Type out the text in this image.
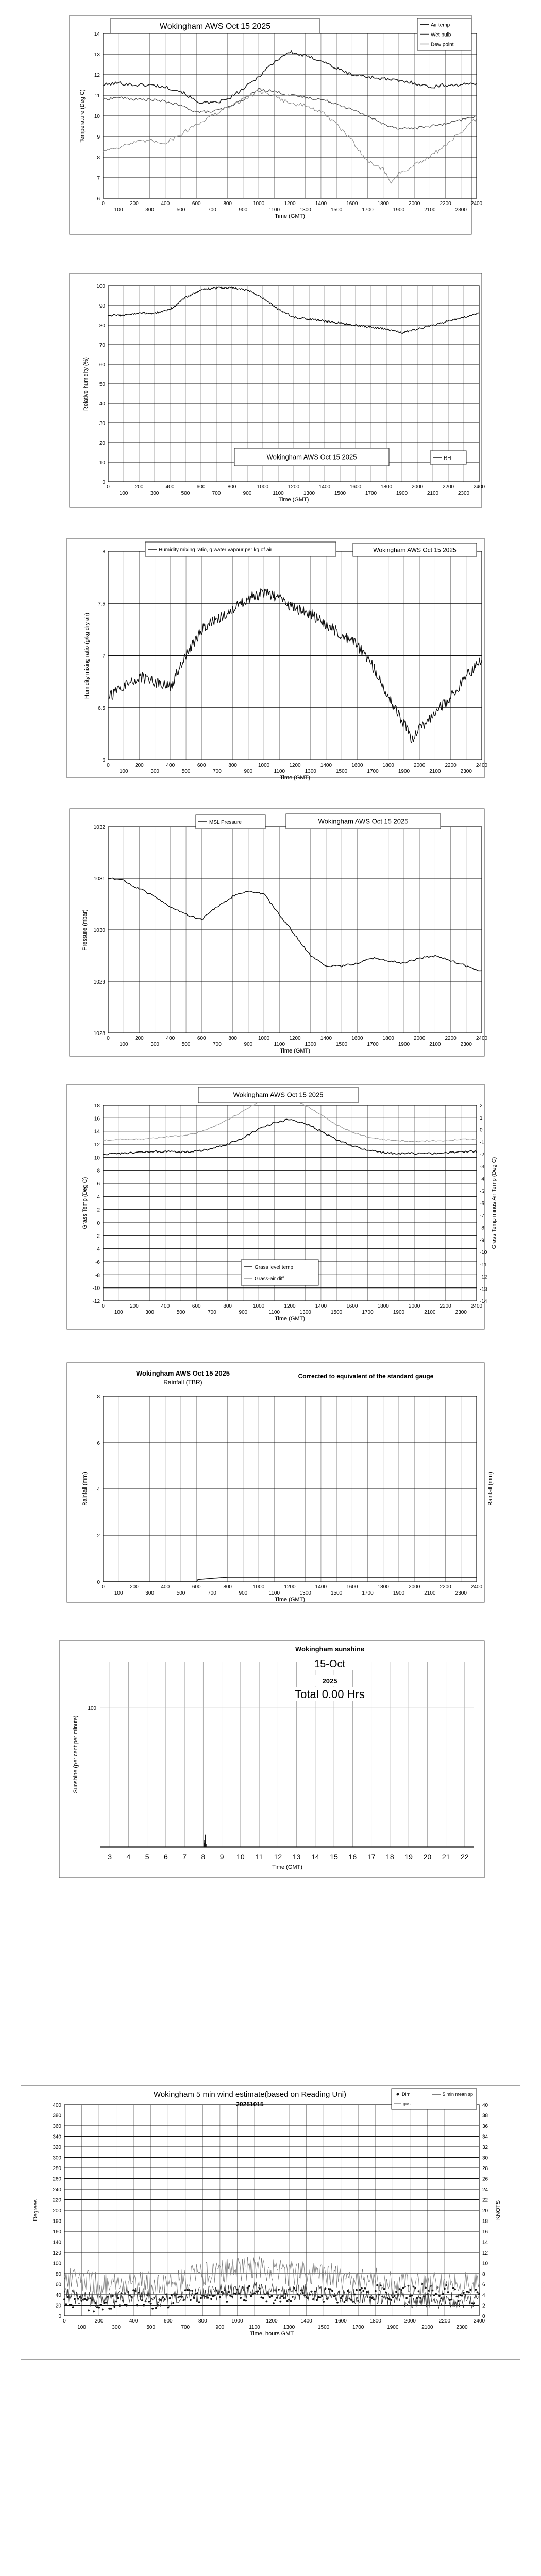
0
100
200
300
400
500
600
700
800
900
1000
1100
1200
1300
1400
1500
1600
1700
1800
1900
2000
2100
2200
2300
2400
Time (GMT)
6
7
8
9
10
11
12
13
14
Temperature (Deg C)
Wokingham AWS Oct 15 2025	Air temp
Wet bulb
Dew point
0
100
200
300
400
500
600
700
800
900
1000
1100
1200
1300
1400
1500
1600
1700
1800
1900
2000
2100
2200
2300
2400
Time (GMT)
0
10
20
30
40
50
60
70
80
90
100
Relative humidity (%)
Wokingham AWS Oct 15 2025	RH
0
100
200
300
400
500
600
700
800
900
1000
1100
1200
1300
1400
1500
1600
1700
1800
1900
2000
2100
2200
2300
2400
Time (GMT)
6
6.5
7
7.5
8
Humidity mixing ratio (g/kg dry air)
Humidity mixing ratio, g water vapour per kg of air	Wokingham AWS Oct 15 2025
0
100
200
300
400
500
600
700
800
900
1000
1100
1200
1300
1400
1500
1600
1700
1800
1900
2000
2100
2200
2300
2400
Time (GMT)
1028
1029
1030
1031
1032
Pressure (mbar)
MSL Pressure	Wokingham AWS Oct 15 2025
0
100
200
300
400
500
600
700
800
900
1000
1100
1200
1300
1400
1500
1600
1700
1800
1900
2000
2100
2200
2300
2400
Time (GMT)
-12
-10
-8
-6
-4
-2
0
2
4
6
8
10
12
14
16
18
-14
-13
-12
-11
-10
-9
-8
-7
-6
-5
-4
-3
-2
-1
0
1
2
Grass Temp (Deg C)	Grass Temp minus Air Temp (Deg C)
Wokingham AWS Oct 15 2025
Grass level temp
Grass-air diff
0
100
200
300
400
500
600
700
800
900
1000
1100
1200
1300
1400
1500
1600
1700
1800
1900
2000
2100
2200
2300
2400
Time (GMT)
0
2
4
6
8
Rainfall (mm)	Rainfall (mm)
Wokingham AWS Oct 15 2025
Rainfall (TBR)
Corrected to equivalent of the standard gauge
3 4 5 6 7 8 9 10 11 12 13 14 15 16 17 18 19 20 21 22
Time (GMT)
100
Sunshine (per cent per minute)
Wokingham sunshine
15-Oct
2025
Total 0.00 Hrs
0
100
200
300
400
500
600
700
800
900
1000
1100
1200
1300
1400
1500
1600
1700
1800
1900
2000
2100
2200
2300
2400
Time, hours GMT
0
20
40
60
80
100
120
140
160
180
200
220
240
260
280
300
320
340
360
380
400
0
2
4
6
8
10
12
14
16
18
20
22
24
26
28
30
32
34
36
38
40
Degrees	KNOTS
Wokingham 5 min wind estimate(based on Reading Uni)
20251015
Dirn	5 min mean sp
gust
